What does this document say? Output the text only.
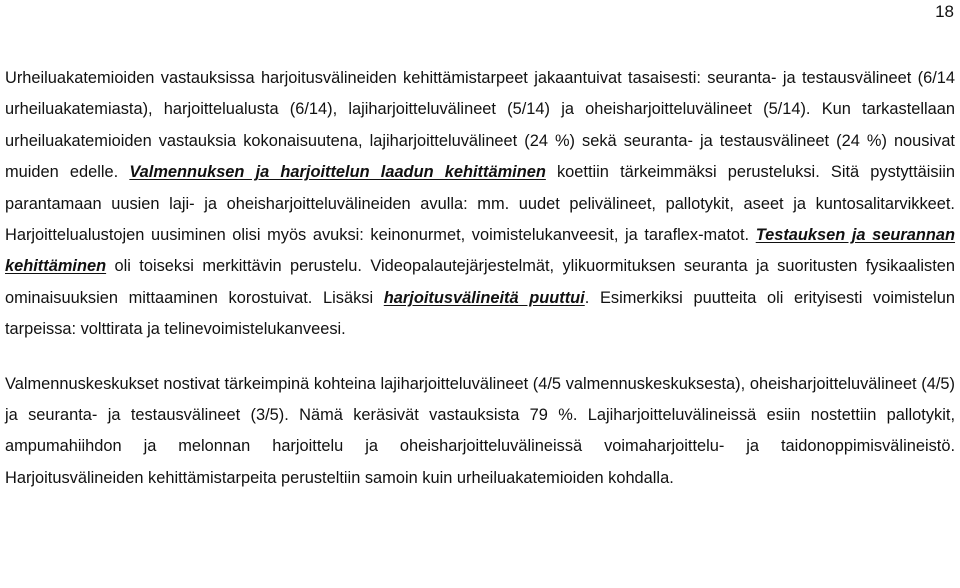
18

Urheiluakatemioiden vastauksissa harjoitusvälineiden kehittämistarpeet jakaantuivat tasaisesti: seuranta- ja testausvälineet (6/14 urheiluakatemiasta), harjoittelualusta (6/14), lajiharjoitteluvälineet (5/14) ja oheisharjoitteluvälineet (5/14). Kun tarkastellaan urheiluakatemioiden vastauksia kokonaisuutena, lajiharjoitteluvälineet (24 %) sekä seuranta- ja testausvälineet (24 %) nousivat muiden edelle. Valmennuksen ja harjoittelun laadun kehittäminen koettiin tärkeimmäksi perusteluksi. Sitä pystyttäisiin parantamaan uusien laji- ja oheisharjoitteluvälineiden avulla: mm. uudet pelivälineet, pallotykit, aseet ja kuntosalitarvikkeet. Harjoittelualustojen uusiminen olisi myös avuksi: keinonurmet, voimistelukanveesit, ja taraflex-matot. Testauksen ja seurannan kehittäminen oli toiseksi merkittävin perustelu. Videopalautejärjestelmät, ylikuormituksen seuranta ja suoritusten fysikaalisten ominaisuuksien mittaaminen korostuivat. Lisäksi harjoitusvälineitä puuttui. Esimerkiksi puutteita oli erityisesti voimistelun tarpeissa: volttirata ja telinevoimistelukanveesi.

Valmennuskeskukset nostivat tärkeimpinä kohteina lajiharjoitteluvälineet (4/5 valmennuskeskuksesta), oheisharjoitteluvälineet (4/5) ja seuranta- ja testausvälineet (3/5). Nämä keräsivät vastauksista 79 %. Lajiharjoitteluvälineissä esiin nostettiin pallotykit, ampumahiihdon ja melonnan harjoittelu ja oheisharjoitteluvälineissä voimaharjoittelu- ja taidonoppimisvälineistö. Harjoitusvälineiden kehittämistarpeita perusteltiin samoin kuin urheiluakatemioiden kohdalla.
